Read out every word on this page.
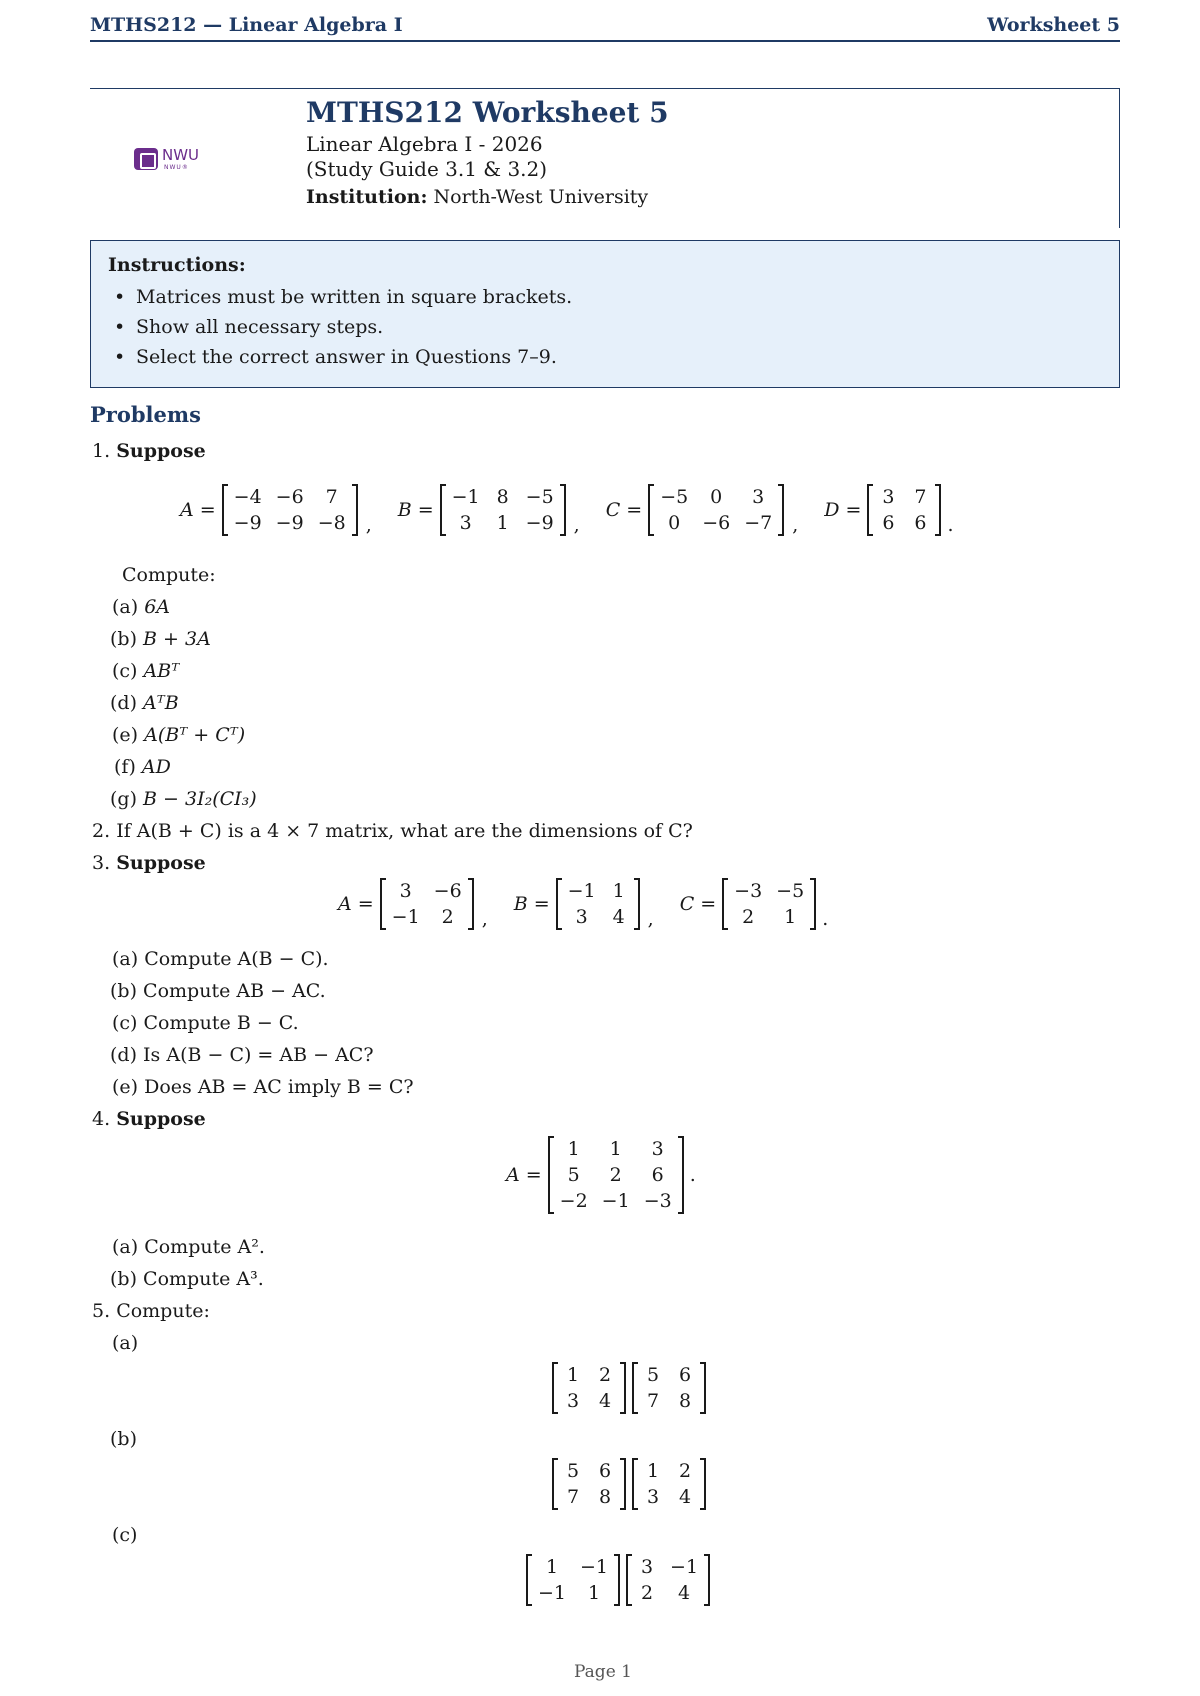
MTHS212 — Linear Algebra I	Worksheet 5
NWU
NWU®
MTHS212 Worksheet 5
Linear Algebra I - 2026
(Study Guide 3.1 & 3.2)
Institution: North-West University
Instructions:
• Matrices must be written in square brackets.
• Show all necessary steps.
• Select the correct answer in Questions 7–9.
Problems
1. Suppose
A =
−4 −6	7
−9 −9 −8 ,
B =
−1 8 −5
3	1 −9 ,
C =
−5	0	3
0	−6 −7 ,
D =
3 7
6 6 .
Compute:
(a) 6A
(b) B + 3A
(c) ABᵀ
(d) AᵀB
(e) A(Bᵀ + Cᵀ)
(f) AD
(g) B − 3I₂(CI₃)
2. If A(B + C) is a 4 × 7 matrix, what are the dimensions of C?
3. Suppose
A =
3	−6
−1	2	,
B =
−1 1
3	4 ,
C =
−3 −5
2	1	.
(a) Compute A(B − C).
(b) Compute AB − AC.
(c) Compute B − C.
(d) Is A(B − C) = AB − AC?
(e) Does AB = AC imply B = C?
4. Suppose
A =
1	1	3
5	2	6
−2 −1 −3
.
(a) Compute A².
(b) Compute A³.
5. Compute:
(a)
1 2
3 4
5 6
7 8
(b)
5 6
7 8
1 2
3 4
(c)
1	−1
−1	1
3 −1
2	4
Page 1
